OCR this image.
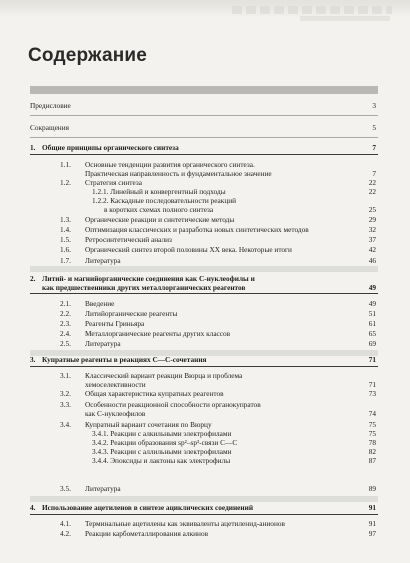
Содержание
Предисловие	3
Сокращения	5
1. Общие принципы органического синтеза	7
1.1. Основные тенденции развития органического синтеза.
Практическая направленность и фундаментальное значение	7
1.2. Стратегия синтеза	22
1.2.1. Линейный и конвергентный подходы	22
1.2.2. Каскадные последовательности реакций
в коротких схемах полного синтеза	25
1.3. Органические реакции и синтетические методы	29
1.4. Оптимизация классических и разработка новых синтетических методов	32
1.5. Ретросинтетический анализ	37
1.6. Органический синтез второй половины XX века. Некоторые итоги	42
1.7. Литература	46
2. Литий- и магнийорганические соединения как С-нуклеофилы и
как предшественники других металлорганических реагентов	49
2.1. Введение	49
2.2. Литийорганические реагенты	51
2.3. Реагенты Гриньяра	61
2.4. Металлорганические реагенты других классов	65
2.5. Литература	69
3. Купратные реагенты в реакциях С—С-сочетания	71
3.1. Классический вариант реакции Вюрца и проблема
хемоселективности	71
3.2. Общая характеристика купратных реагентов	73
3.3. Особенности реакционной способности органокупратов
как С-нуклеофилов	74
3.4. Купратный вариант сочетания по Вюрцу	75
3.4.1. Реакции с алкильными электрофилами	75
3.4.2. Реакции образования sp²–sp³-связи С—С	78
3.4.3. Реакции с аллильными электрофилами	82
3.4.4. Эпоксиды и лактоны как электрофилы	87
3.5. Литература	89
4. Использование ацетиленов в синтезе ациклических соединений	91
4.1. Терминальные ацетилены как эквиваленты ацетиленид-анионов	91
4.2. Реакции карбометаллирования алкинов	97
